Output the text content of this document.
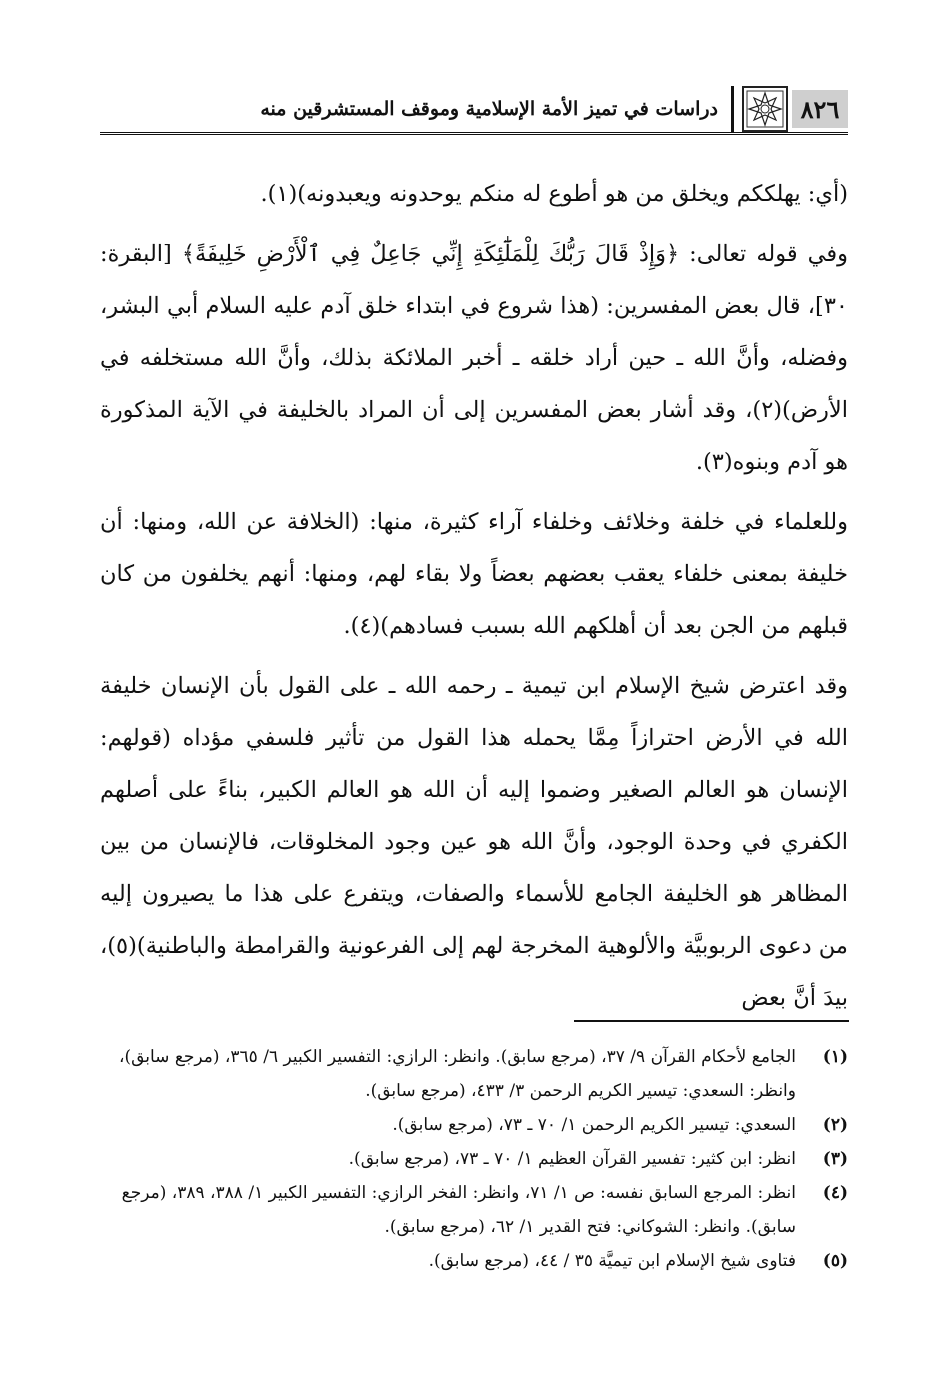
٨٢٦
دراسات في تميز الأمة الإسلامية وموقف المستشرقين منه

(أي: يهلككم ويخلق من هو أطوع له منكم يوحدونه ويعبدونه)(١).

وفي قوله تعالى: ﴿وَإِذْ قَالَ رَبُّكَ لِلْمَلَٰٓئِكَةِ إِنِّي جَاعِلٌ فِي ٱلْأَرْضِ خَلِيفَةً﴾ [البقرة: ٣٠]، قال بعض المفسرين: (هذا شروع في ابتداء خلق آدم عليه السلام أبي البشر، وفضله، وأنَّ الله ـ حين أراد خلقه ـ أخبر الملائكة بذلك، وأنَّ الله مستخلفه في الأرض)(٢)، وقد أشار بعض المفسرين إلى أن المراد بالخليفة في الآية المذكورة هو آدم وبنوه(٣).

وللعلماء في خلفة وخلائف وخلفاء آراء كثيرة، منها: (الخلافة عن الله، ومنها: أن خليفة بمعنى خلفاء يعقب بعضهم بعضاً ولا بقاء لهم، ومنها: أنهم يخلفون من كان قبلهم من الجن بعد أن أهلكهم الله بسبب فسادهم)(٤).

وقد اعترض شيخ الإسلام ابن تيمية ـ رحمه الله ـ على القول بأن الإنسان خليفة الله في الأرض احترازاً مِمَّا يحمله هذا القول من تأثير فلسفي مؤداه (قولهم: الإنسان هو العالم الصغير وضموا إليه أن الله هو العالم الكبير، بناءً على أصلهم الكفري في وحدة الوجود، وأنَّ الله هو عين وجود المخلوقات، فالإنسان من بين المظاهر هو الخليفة الجامع للأسماء والصفات، ويتفرع على هذا ما يصيرون إليه من دعوى الربوبيَّة والألوهية المخرجة لهم إلى الفرعونية والقرامطة والباطنية)(٥)، بيدَ أنَّ بعض

(١)
الجامع لأحكام القرآن ٩/ ٣٧، (مرجع سابق). وانظر: الرازي: التفسير الكبير ٦/ ٣٦٥، (مرجع سابق)، وانظر: السعدي: تيسير الكريم الرحمن ٣/ ٤٣٣، (مرجع سابق).
(٢)
السعدي: تيسير الكريم الرحمن ١/ ٧٠ ـ ٧٣، (مرجع سابق).
(٣)
انظر: ابن كثير: تفسير القرآن العظيم ١/ ٧٠ ـ ٧٣، (مرجع سابق).
(٤)
انظر: المرجع السابق نفسه: ص ١/ ٧١، وانظر: الفخر الرازي: التفسير الكبير ١/ ٣٨٨، ٣٨٩، (مرجع سابق). وانظر: الشوكاني: فتح القدير ١/ ٦٢، (مرجع سابق).
(٥)
فتاوى شيخ الإسلام ابن تيميَّة ٣٥ / ٤٤، (مرجع سابق).
